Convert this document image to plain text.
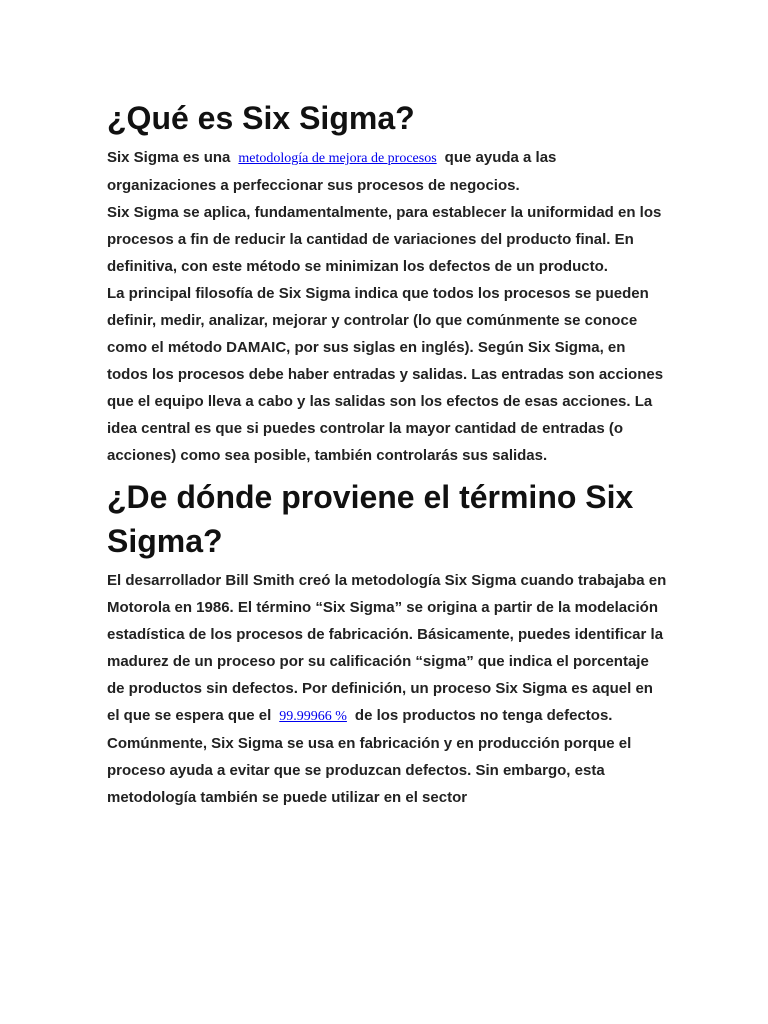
¿Qué es Six Sigma?

Six Sigma es una metodología de mejora de procesos que ayuda a las organizaciones a perfeccionar sus procesos de negocios.

Six Sigma se aplica, fundamentalmente, para establecer la uniformidad en los procesos a fin de reducir la cantidad de variaciones del producto final. En definitiva, con este método se minimizan los defectos de un producto.

La principal filosofía de Six Sigma indica que todos los procesos se pueden definir, medir, analizar, mejorar y controlar (lo que comúnmente se conoce como el método DAMAIC, por sus siglas en inglés). Según Six Sigma, en todos los procesos debe haber entradas y salidas. Las entradas son acciones que el equipo lleva a cabo y las salidas son los efectos de esas acciones. La idea central es que si puedes controlar la mayor cantidad de entradas (o acciones) como sea posible, también controlarás sus salidas.

¿De dónde proviene el término Six Sigma?

El desarrollador Bill Smith creó la metodología Six Sigma cuando trabajaba en Motorola en 1986. El término “Six Sigma” se origina a partir de la modelación estadística de los procesos de fabricación. Básicamente, puedes identificar la madurez de un proceso por su calificación “sigma” que indica el porcentaje de productos sin defectos. Por definición, un proceso Six Sigma es aquel en el que se espera que el 99.99966 % de los productos no tenga defectos.

Comúnmente, Six Sigma se usa en fabricación y en producción porque el proceso ayuda a evitar que se produzcan defectos. Sin embargo, esta metodología también se puede utilizar en el sector
